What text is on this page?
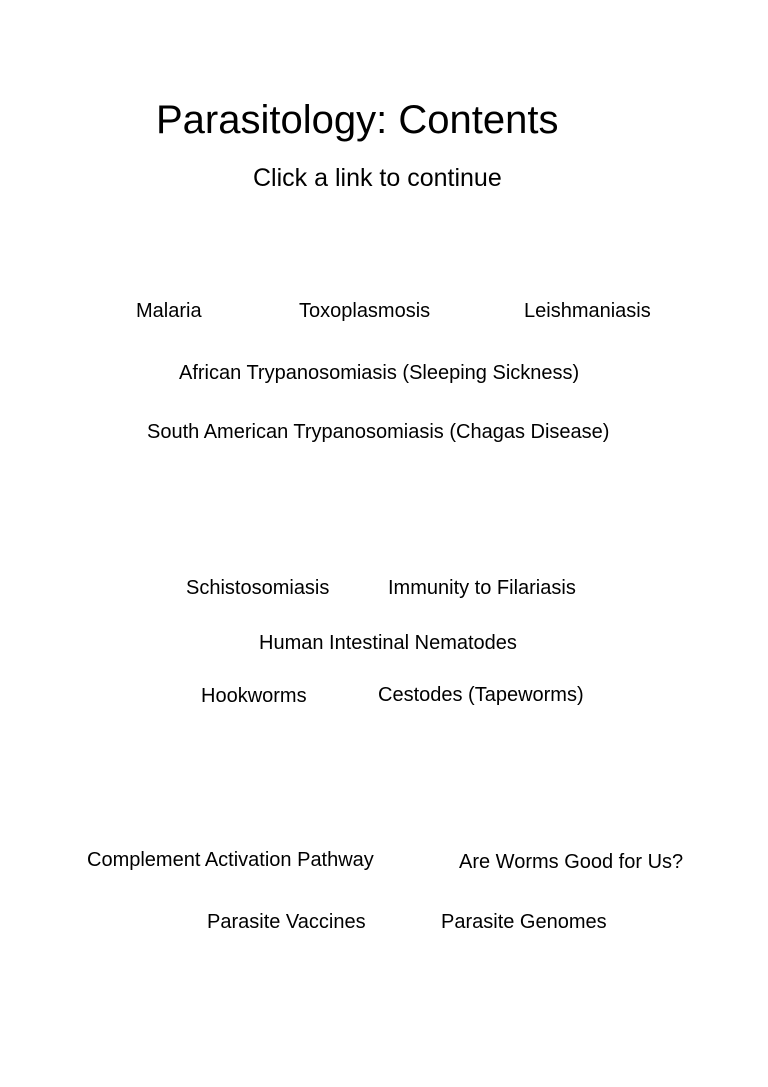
Parasitology: Contents
Click a link to continue
Malaria	Toxoplasmosis	Leishmaniasis
African Trypanosomiasis (Sleeping Sickness)
South American Trypanosomiasis (Chagas Disease)
Schistosomiasis	Immunity to Filariasis
Human Intestinal Nematodes
Hookworms	Cestodes (Tapeworms)
Complement Activation Pathway	Are Worms Good for Us?
Parasite Vaccines	Parasite Genomes
